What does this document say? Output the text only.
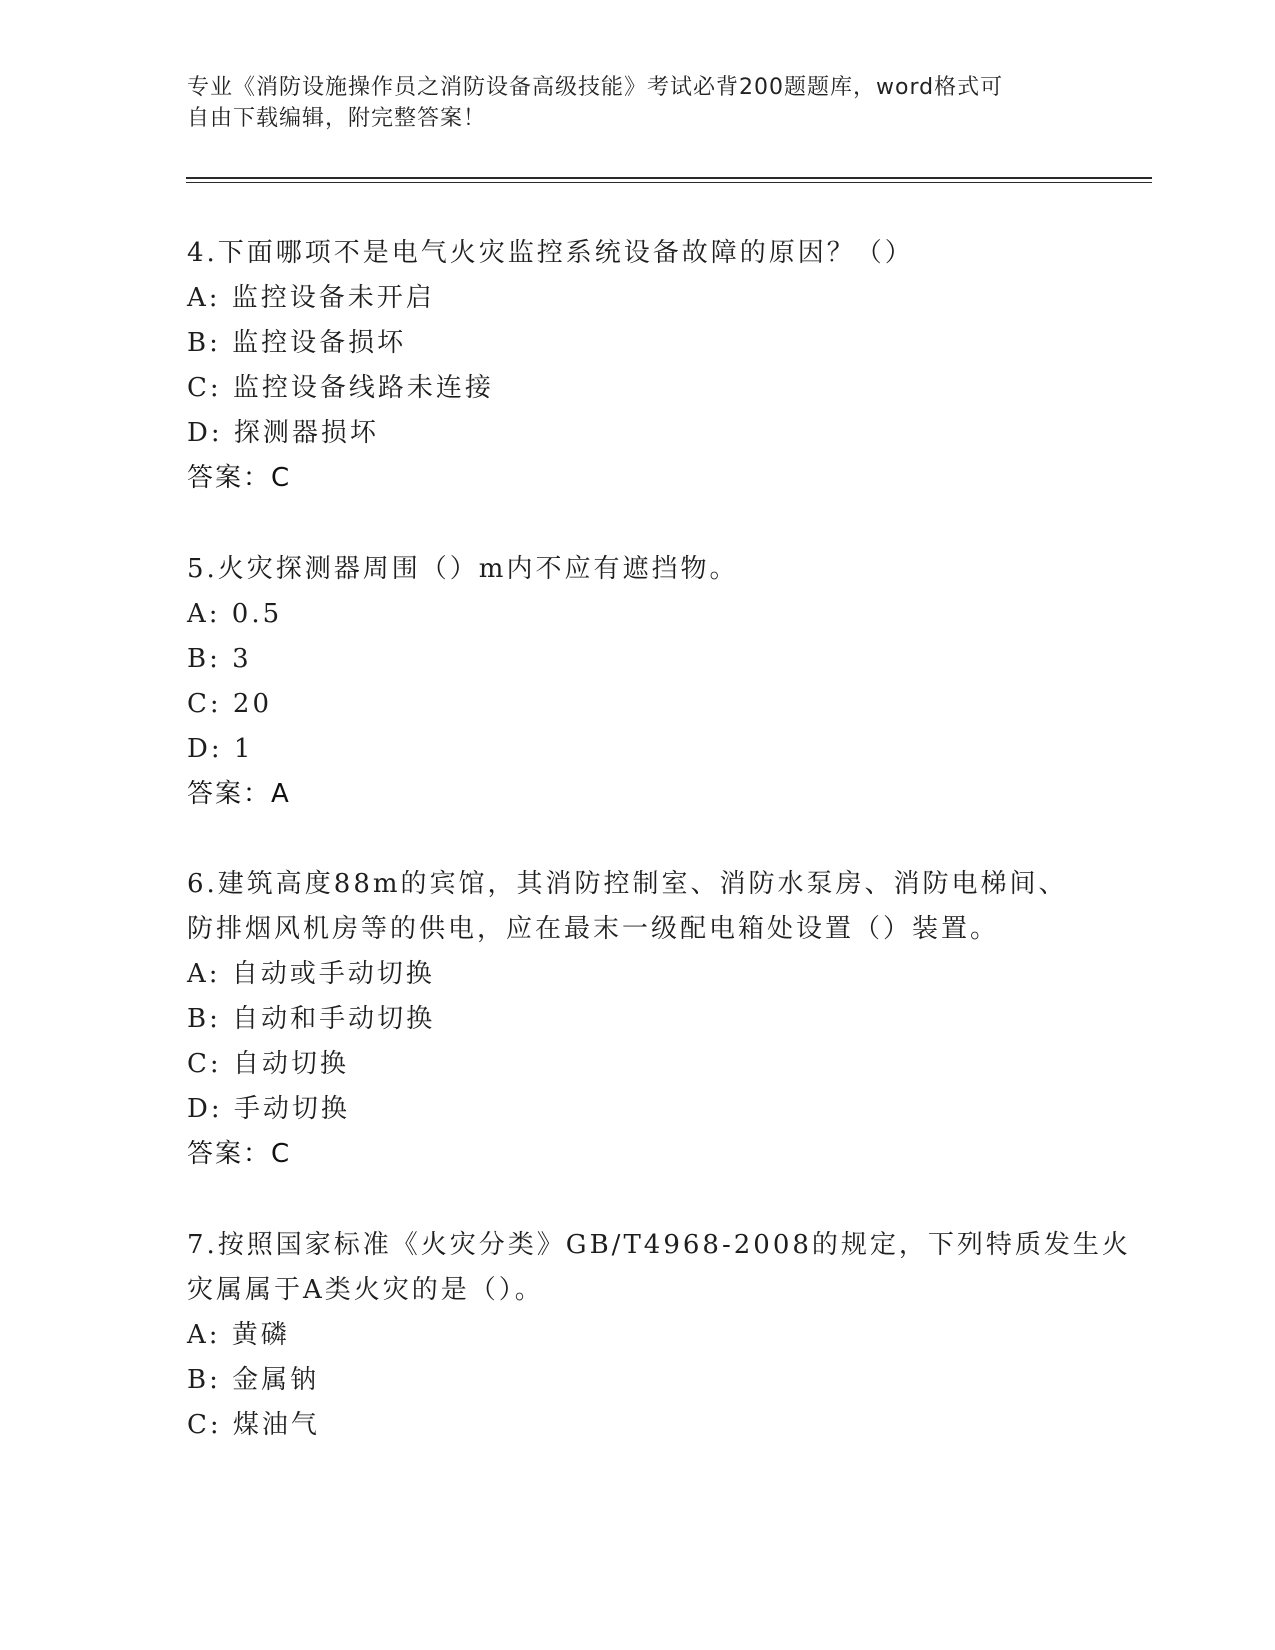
专业《消防设施操作员之消防设备高级技能》考试必背200题题库，word格式可
自由下载编辑，附完整答案！
4.下面哪项不是电气火灾监控系统设备故障的原因？（）
A: 监控设备未开启
B: 监控设备损坏
C: 监控设备线路未连接
D: 探测器损坏
答案：C
5.火灾探测器周围（）m内不应有遮挡物。
A: 0.5
B: 3
C: 20
D: 1
答案：A
6.建筑高度88m的宾馆，其消防控制室、消防水泵房、消防电梯间、
防排烟风机房等的供电，应在最末一级配电箱处设置（）装置。
A: 自动或手动切换
B: 自动和手动切换
C: 自动切换
D: 手动切换
答案：C
7.按照国家标准《火灾分类》GB/T4968-2008的规定，下列特质发生火
灾属属于A类火灾的是（）。
A: 黄磷
B: 金属钠
C: 煤油气
